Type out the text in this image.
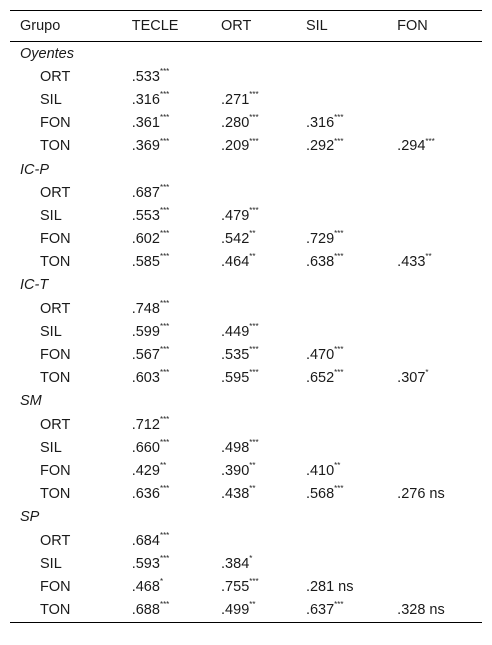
Grupo	TECLE	ORT	SIL	FON
Oyentes				
ORT	.533***			
SIL	.316***	.271***		
FON	.361***	.280***	.316***	
TON	.369***	.209***	.292***	.294***
IC-P				
ORT	.687***			
SIL	.553***	.479***		
FON	.602***	.542**	.729***	
TON	.585***	.464**	.638***	.433**
IC-T				
ORT	.748***			
SIL	.599***	.449***		
FON	.567***	.535***	.470***	
TON	.603***	.595***	.652***	.307*
SM				
ORT	.712***			
SIL	.660***	.498***		
FON	.429**	.390**	.410**	
TON	.636***	.438**	.568***	.276 ns
SP				
ORT	.684***			
SIL	.593***	.384*		
FON	.468*	.755***	.281 ns	
TON	.688***	.499**	.637***	.328 ns
